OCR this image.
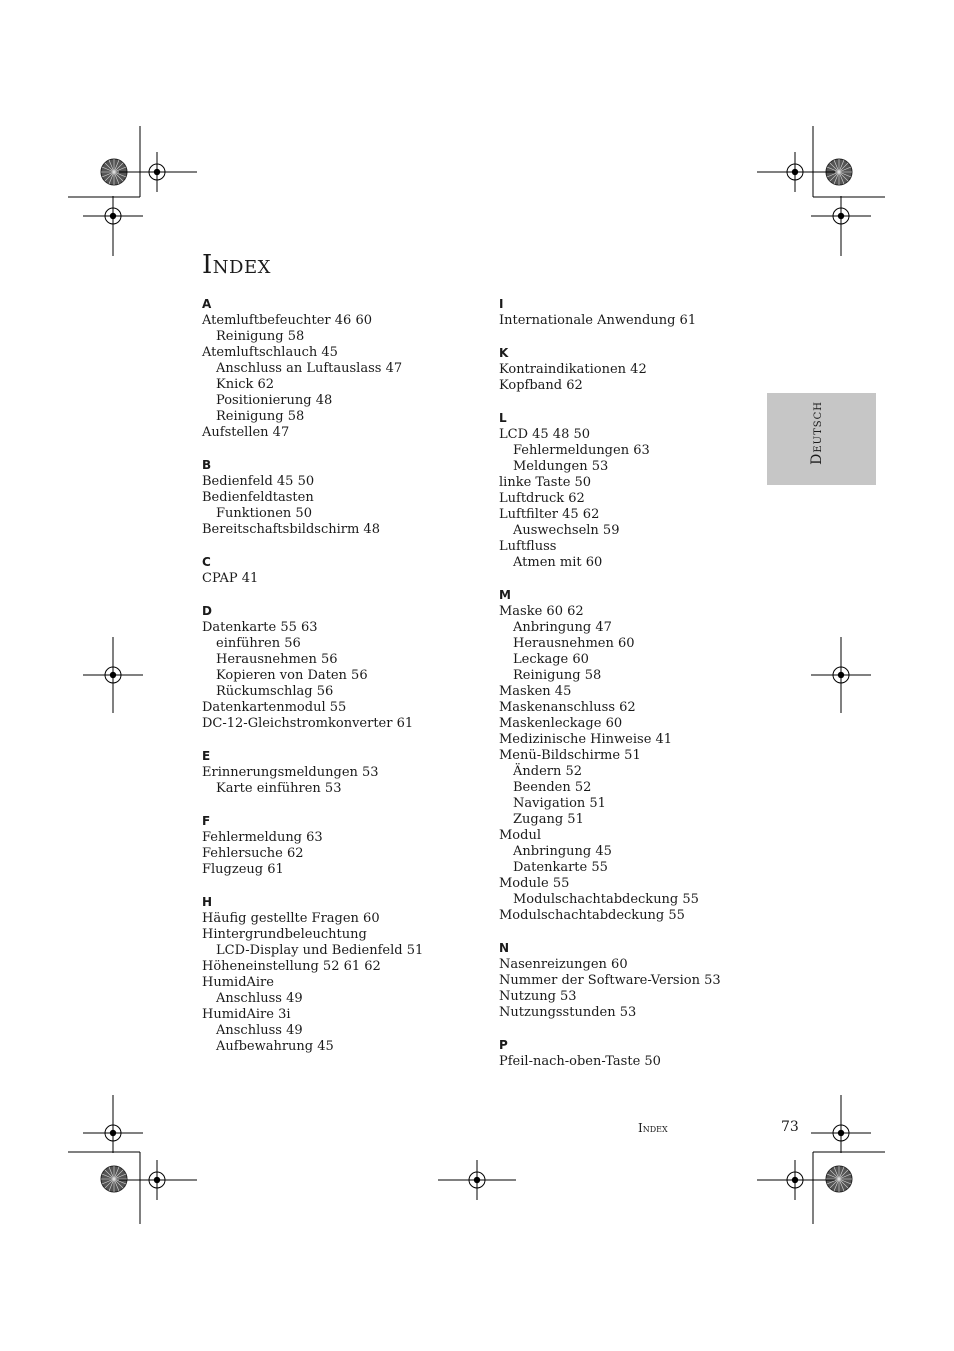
Index
Deutsch
A
Atemluftbefeuchter 46 60
Reinigung 58
Atemluftschlauch 45
Anschluss an Luftauslass 47
Knick 62
Positionierung 48
Reinigung 58
Aufstellen 47
B
Bedienfeld 45 50
Bedienfeldtasten
Funktionen 50
Bereitschaftsbildschirm 48
C
CPAP 41
D
Datenkarte 55 63
einführen 56
Herausnehmen 56
Kopieren von Daten 56
Rückumschlag 56
Datenkartenmodul 55
DC-12-Gleichstromkonverter 61
E
Erinnerungsmeldungen 53
Karte einführen 53
F
Fehlermeldung 63
Fehlersuche 62
Flugzeug 61
H
Häufig gestellte Fragen 60
Hintergrundbeleuchtung
LCD-Display und Bedienfeld 51
Höheneinstellung 52 61 62
HumidAire
Anschluss 49
HumidAire 3i
Anschluss 49
Aufbewahrung 45
I
Internationale Anwendung 61
K
Kontraindikationen 42
Kopfband 62
L
LCD 45 48 50
Fehlermeldungen 63
Meldungen 53
linke Taste 50
Luftdruck 62
Luftfilter 45 62
Auswechseln 59
Luftfluss
Atmen mit 60
M
Maske 60 62
Anbringung 47
Herausnehmen 60
Leckage 60
Reinigung 58
Masken 45
Maskenanschluss 62
Maskenleckage 60
Medizinische Hinweise 41
Menü-Bildschirme 51
Ändern 52
Beenden 52
Navigation 51
Zugang 51
Modul
Anbringung 45
Datenkarte 55
Module 55
Modulschachtabdeckung 55
Modulschachtabdeckung 55
N
Nasenreizungen 60
Nummer der Software-Version 53
Nutzung 53
Nutzungsstunden 53
P
Pfeil-nach-oben-Taste 50
Index	73
